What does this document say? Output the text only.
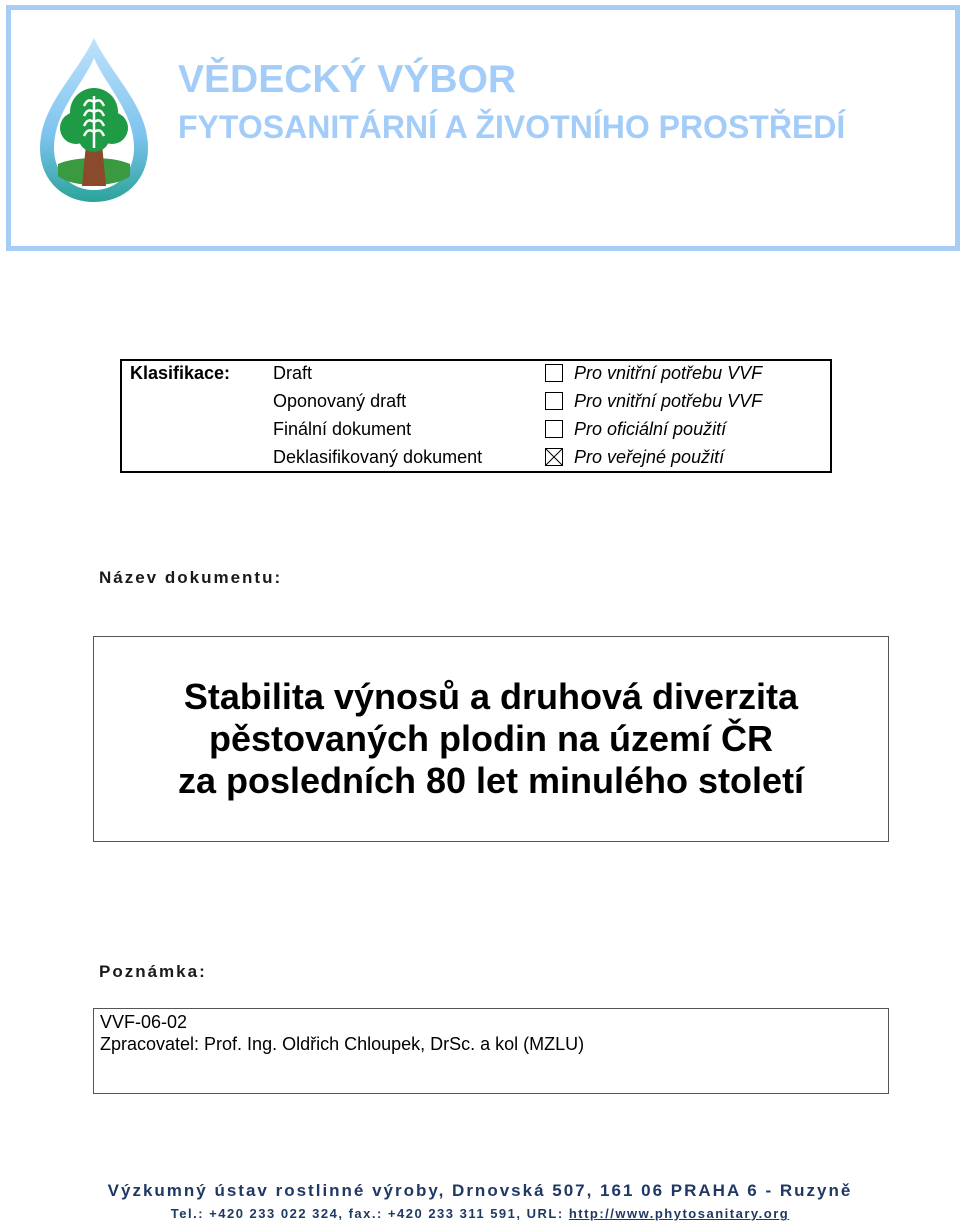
VĚDECKÝ VÝBOR
FYTOSANITÁRNÍ A ŽIVOTNÍHO PROSTŘEDÍ
Klasifikace: Draft
Oponovaný draft
Finální dokument
Deklasifikovaný dokument
Pro vnitřní potřebu VVF
Pro vnitřní potřebu VVF
Pro oficiální použití
Pro veřejné použití
Název dokumentu:
Stabilita výnosů a druhová diverzita
pěstovaných plodin na území ČR
za posledních 80 let minulého století
Poznámka:
VVF-06-02
Zpracovatel: Prof. Ing. Oldřich Chloupek, DrSc. a kol (MZLU)
Výzkumný ústav rostlinné výroby, Drnovská 507, 161 06 PRAHA 6 - Ruzyně
Tel.: +420 233 022 324, fax.: +420 233 311 591, URL: http://www.phytosanitary.org
